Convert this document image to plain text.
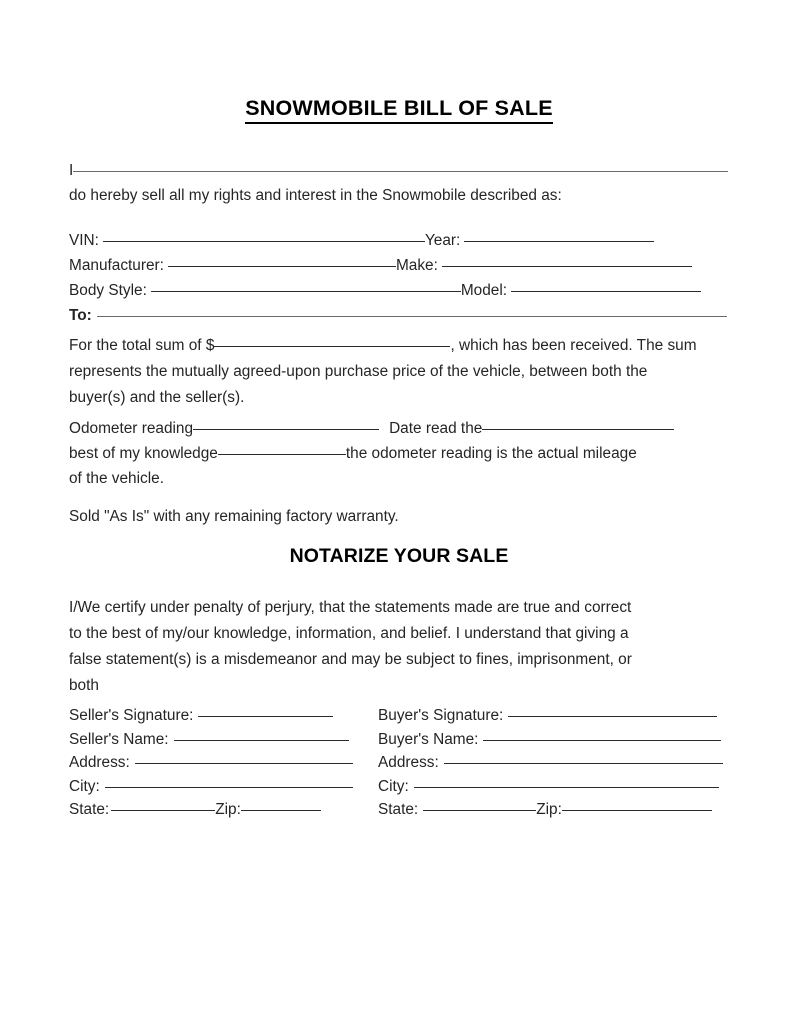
SNOWMOBILE BILL OF SALE
I
do hereby sell all my rights and interest in the Snowmobile described as:
VIN:	Year:
Manufacturer:	Make:
Body Style:	Model:
To:
For the total sum of $	, which has been received. The sum
represents the mutually agreed-upon purchase price of the vehicle, between both the
buyer(s) and the seller(s).
Odometer reading	Date read the
best of my knowledge	the odometer reading is the actual mileage
of the vehicle.
Sold "As Is" with any remaining factory warranty.
NOTARIZE YOUR SALE
I/We certify under penalty of perjury, that the statements made are true and correct
to the best of my/our knowledge, information, and belief. I understand that giving a
false statement(s) is a misdemeanor and may be subject to fines, imprisonment, or
both
Seller's Signature:	Buyer's Signature:
Seller's Name:	Buyer's Name:
Address:	Address:
City:	City:
State:	Zip:	State:	Zip:
